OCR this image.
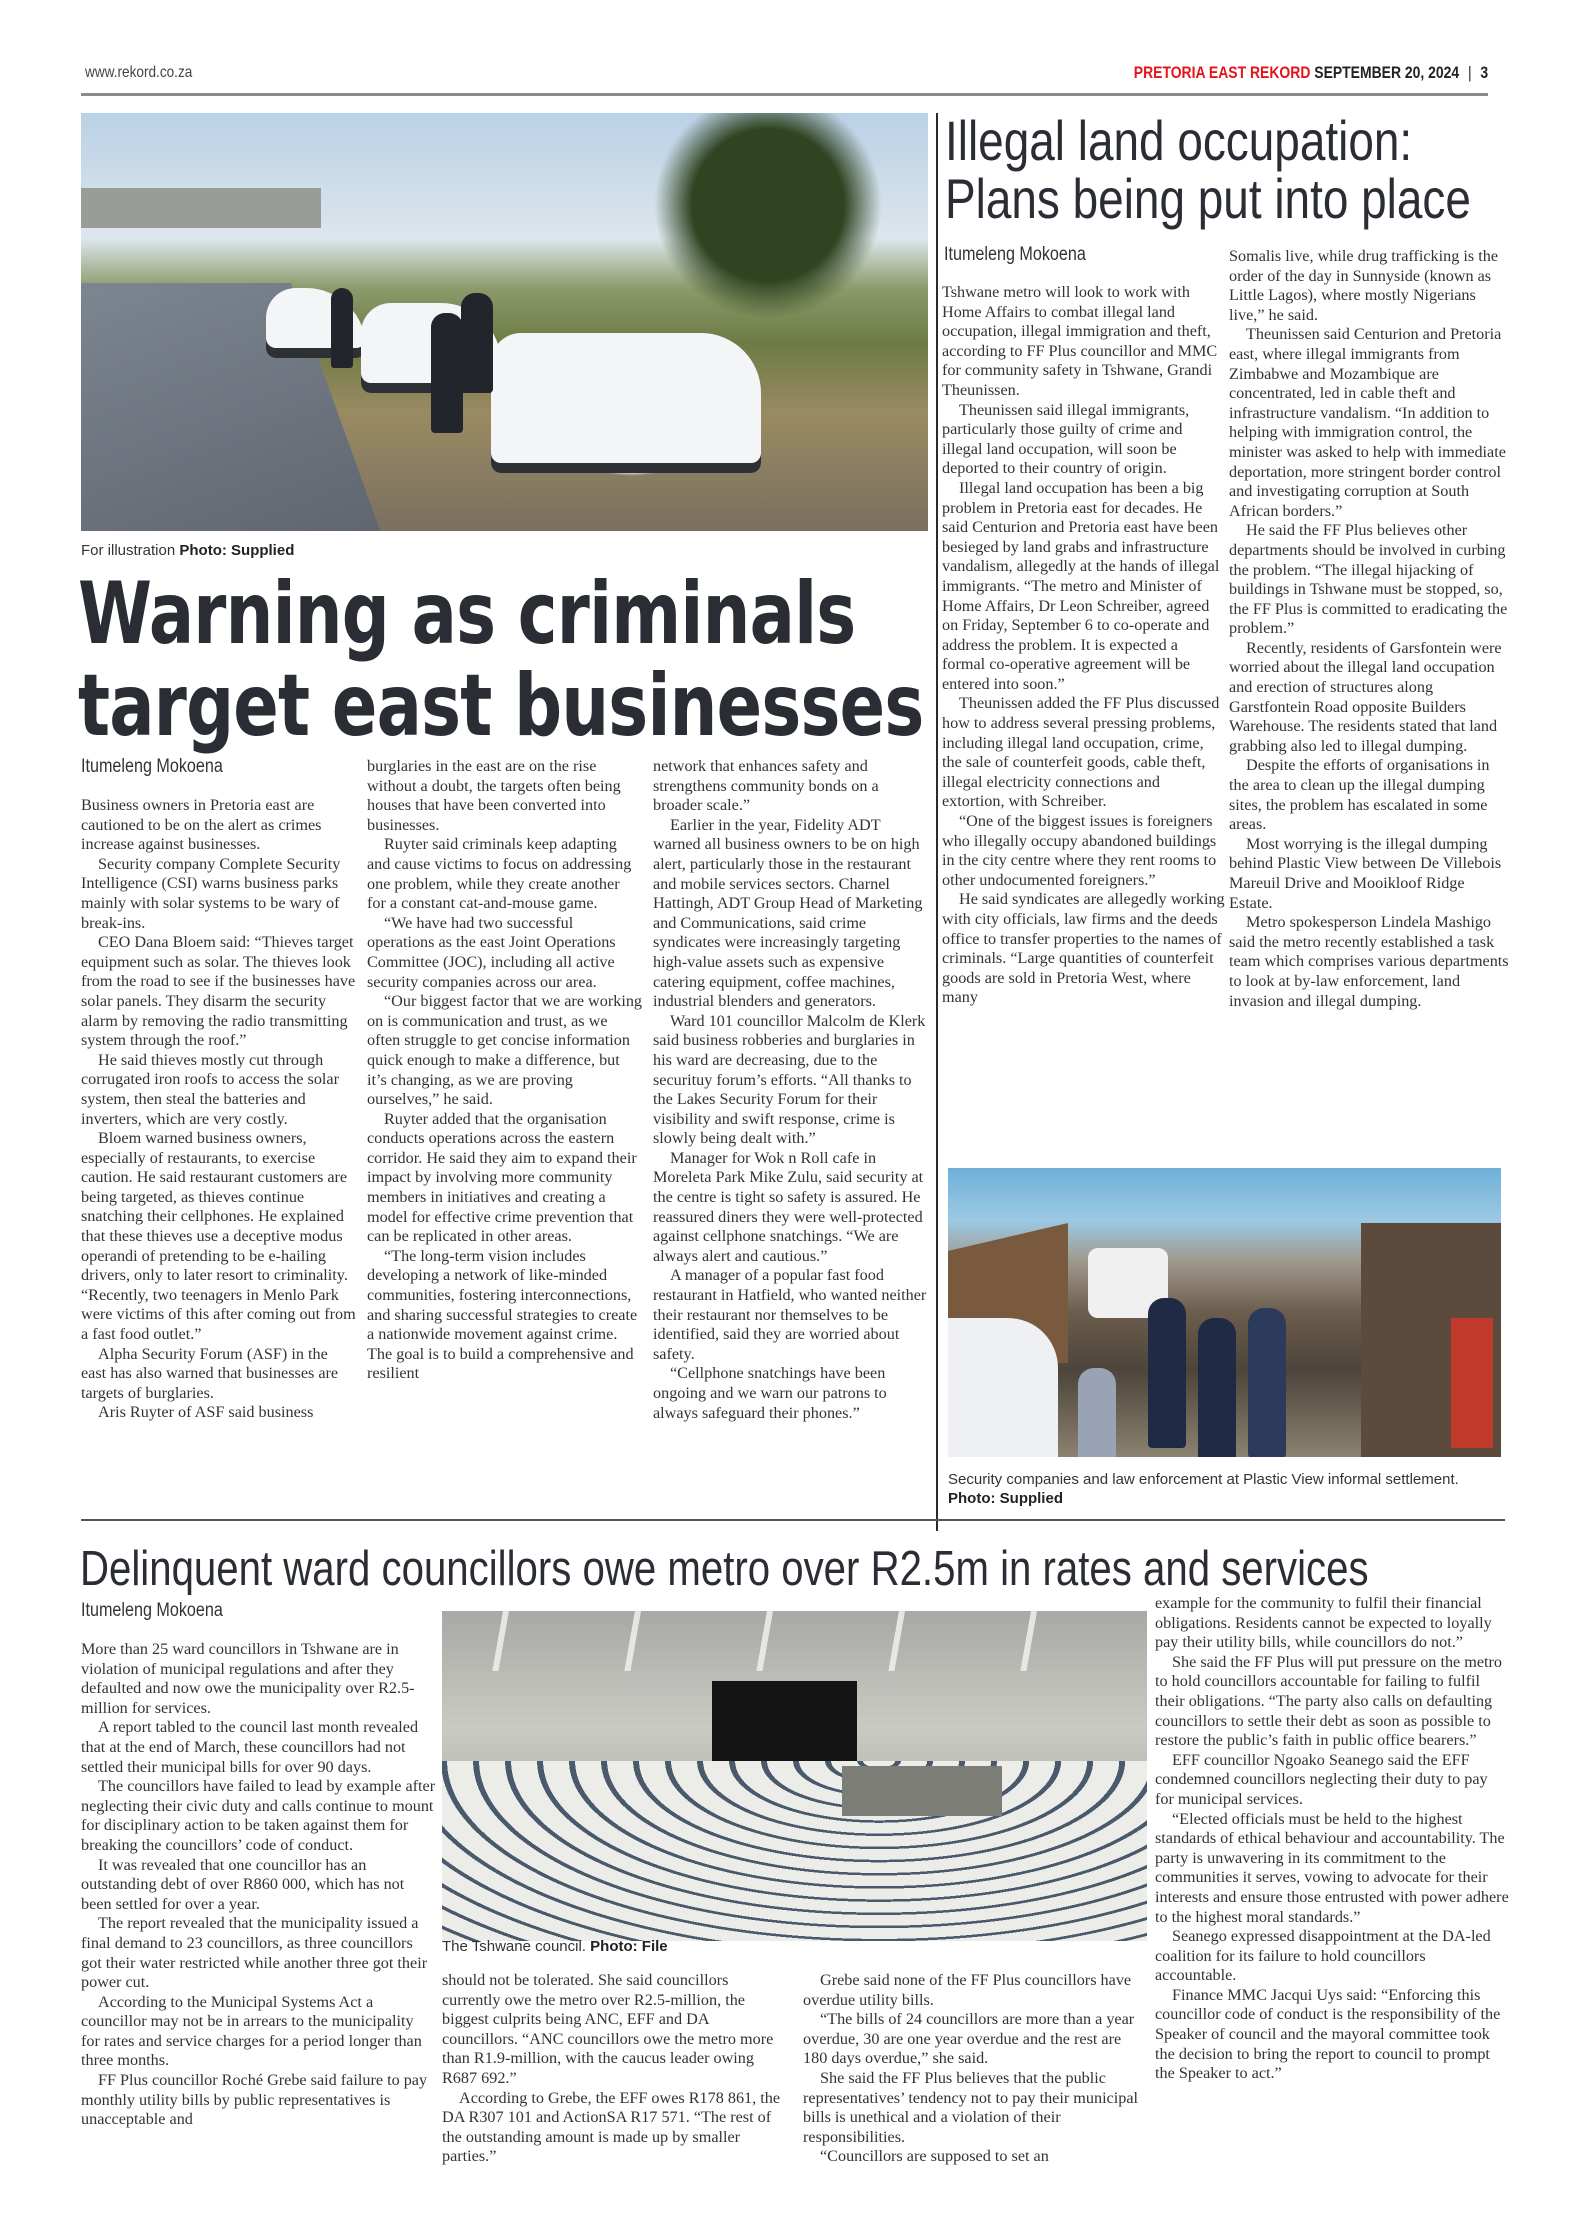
www.rekord.co.za	PRETORIA EAST REKORD SEPTEMBER 20, 2024 | 3
For illustration Photo: Supplied
Warning as criminals
target east businesses
Itumeleng Mokoena

Business owners in Pretoria east are cautioned to be on the alert as crimes increase against businesses.

Security company Complete Security Intelligence (CSI) warns business parks mainly with solar systems to be wary of break-ins.

CEO Dana Bloem said: “Thieves target equipment such as solar. The thieves look from the road to see if the businesses have solar panels. They disarm the security alarm by removing the radio transmitting system through the roof.”

He said thieves mostly cut through corrugated iron roofs to access the solar system, then steal the batteries and inverters, which are very costly.

Bloem warned business owners, especially of restaurants, to exercise caution. He said restaurant customers are being targeted, as thieves continue snatching their cellphones. He explained that these thieves use a deceptive modus operandi of pretending to be e-hailing drivers, only to later resort to criminality. “Recently, two teenagers in Menlo Park were victims of this after coming out from a fast food outlet.”

Alpha Security Forum (ASF) in the east has also warned that businesses are targets of burglaries.

Aris Ruyter of ASF said business

burglaries in the east are on the rise without a doubt, the targets often being houses that have been converted into businesses.

Ruyter said criminals keep adapting and cause victims to focus on addressing one problem, while they create another for a constant cat-and-mouse game.

“We have had two successful operations as the east Joint Operations Committee (JOC), including all active security companies across our area.

“Our biggest factor that we are working on is communication and trust, as we often struggle to get concise information quick enough to make a difference, but it’s changing, as we are proving ourselves,” he said.

Ruyter added that the organisation conducts operations across the eastern corridor. He said they aim to expand their impact by involving more community members in initiatives and creating a model for effective crime prevention that can be replicated in other areas.

“The long-term vision includes developing a network of like-minded communities, fostering interconnections, and sharing successful strategies to create a nationwide movement against crime. The goal is to build a comprehensive and resilient

network that enhances safety and strengthens community bonds on a broader scale.”

Earlier in the year, Fidelity ADT warned all business owners to be on high alert, particularly those in the restaurant and mobile services sectors. Charnel Hattingh, ADT Group Head of Marketing and Communications, said crime syndicates were increasingly targeting high-value assets such as expensive catering equipment, coffee machines, industrial blenders and generators.

Ward 101 councillor Malcolm de Klerk said business robberies and burglaries in his ward are decreasing, due to the securituy forum’s efforts. “All thanks to the Lakes Security Forum for their visibility and swift response, crime is slowly being dealt with.”

Manager for Wok n Roll cafe in Moreleta Park Mike Zulu, said security at the centre is tight so safety is assured. He reassured diners they were well-protected against cellphone snatchings. “We are always alert and cautious.”

A manager of a popular fast food restaurant in Hatfield, who wanted neither their restaurant nor themselves to be identified, said they are worried about safety.

“Cellphone snatchings have been ongoing and we warn our patrons to always safeguard their phones.”

Illegal land occupation:
Plans being put into place
Itumeleng Mokoena

Tshwane metro will look to work with Home Affairs to combat illegal land occupation, illegal immigration and theft, according to FF Plus councillor and MMC for community safety in Tshwane, Grandi Theunissen.

Theunissen said illegal immigrants, particularly those guilty of crime and illegal land occupation, will soon be deported to their country of origin.

Illegal land occupation has been a big problem in Pretoria east for decades. He said Centurion and Pretoria east have been besieged by land grabs and infrastructure vandalism, allegedly at the hands of illegal immigrants. “The metro and Minister of Home Affairs, Dr Leon Schreiber, agreed on Friday, September 6 to co-operate and address the problem. It is expected a formal co-operative agreement will be entered into soon.”

Theunissen added the FF Plus discussed how to address several pressing problems, including illegal land occupation, crime, the sale of counterfeit goods, cable theft, illegal electricity connections and extortion, with Schreiber.

“One of the biggest issues is foreigners who illegally occupy abandoned buildings in the city centre where they rent rooms to other undocumented foreigners.”

He said syndicates are allegedly working with city officials, law firms and the deeds office to transfer properties to the names of criminals. “Large quantities of counterfeit goods are sold in Pretoria West, where many

Somalis live, while drug trafficking is the order of the day in Sunnyside (known as Little Lagos), where mostly Nigerians live,” he said.

Theunissen said Centurion and Pretoria east, where illegal immigrants from Zimbabwe and Mozambique are concentrated, led in cable theft and infrastructure vandalism. “In addition to helping with immigration control, the minister was asked to help with immediate deportation, more stringent border control and investigating corruption at South African borders.”

He said the FF Plus believes other departments should be involved in curbing the problem. “The illegal hijacking of buildings in Tshwane must be stopped, so, the FF Plus is committed to eradicating the problem.”

Recently, residents of Garsfontein were worried about the illegal land occupation and erection of structures along Garstfontein Road opposite Builders Warehouse. The residents stated that land grabbing also led to illegal dumping.

Despite the efforts of organisations in the area to clean up the illegal dumping sites, the problem has escalated in some areas.

Most worrying is the illegal dumping behind Plastic View between De Villebois Mareuil Drive and Mooikloof Ridge Estate.

Metro spokesperson Lindela Mashigo said the metro recently established a task team which comprises various departments to look at by-law enforcement, land invasion and illegal dumping.

Security companies and law enforcement at Plastic View informal settlement. Photo: Supplied
Delinquent ward councillors owe metro over R2.5m in rates and services
Itumeleng Mokoena

More than 25 ward councillors in Tshwane are in violation of municipal regulations and after they defaulted and now owe the municipality over R2.5-million for services.

A report tabled to the council last month revealed that at the end of March, these councillors had not settled their municipal bills for over 90 days.

The councillors have failed to lead by example after neglecting their civic duty and calls continue to mount for disciplinary action to be taken against them for breaking the councillors’ code of conduct.

It was revealed that one councillor has an outstanding debt of over R860 000, which has not been settled for over a year.

The report revealed that the municipality issued a final demand to 23 councillors, as three councillors got their water restricted while another three got their power cut.

According to the Municipal Systems Act a councillor may not be in arrears to the municipality for rates and service charges for a period longer than three months.

FF Plus councillor Roché Grebe said failure to pay monthly utility bills by public representatives is unacceptable and

The Tshwane council. Photo: File

should not be tolerated. She said councillors currently owe the metro over R2.5-million, the biggest culprits being ANC, EFF and DA councillors. “ANC councillors owe the metro more than R1.9-million, with the caucus leader owing R687 692.”

According to Grebe, the EFF owes R178 861, the DA R307 101 and ActionSA R17 571. “The rest of the outstanding amount is made up by smaller parties.”

Grebe said none of the FF Plus councillors have overdue utility bills.

“The bills of 24 councillors are more than a year overdue, 30 are one year overdue and the rest are 180 days overdue,” she said.

She said the FF Plus believes that the public representatives’ tendency not to pay their municipal bills is unethical and a violation of their responsibilities.

“Councillors are supposed to set an

example for the community to fulfil their financial obligations. Residents cannot be expected to loyally pay their utility bills, while councillors do not.”

She said the FF Plus will put pressure on the metro to hold councillors accountable for failing to fulfil their obligations. “The party also calls on defaulting councillors to settle their debt as soon as possible to restore the public’s faith in public office bearers.”

EFF councillor Ngoako Seanego said the EFF condemned councillors neglecting their duty to pay for municipal services.

“Elected officials must be held to the highest standards of ethical behaviour and accountability. The party is unwavering in its commitment to the communities it serves, vowing to advocate for their interests and ensure those entrusted with power adhere to the highest moral standards.”

Seanego expressed disappointment at the DA-led coalition for its failure to hold councillors accountable.

Finance MMC Jacqui Uys said: “Enforcing this councillor code of conduct is the responsibility of the Speaker of council and the mayoral committee took the decision to bring the report to council to prompt the Speaker to act.”
